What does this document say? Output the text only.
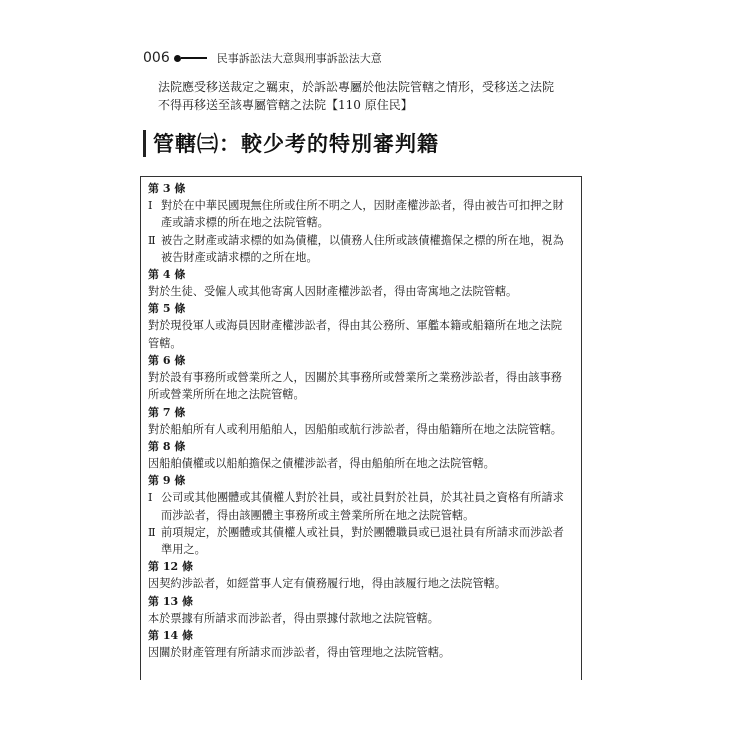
006	民事訴訟法大意與刑事訴訟法大意

法院應受移送裁定之羈束，於訴訟專屬於他法院管轄之情形，受移送之法院

不得再移送至該專屬管轄之法院【110 原住民】

管轄㈢：較少考的特別審判籍
第 3 條
Ⅰ 對於在中華民國現無住所或住所不明之人，因財產權涉訟者，得由被告可扣押之財產或請求標的所在地之法院管轄。
Ⅱ 被告之財產或請求標的如為債權，以債務人住所或該債權擔保之標的所在地，視為被告財產或請求標的之所在地。
第 4 條

對於生徒、受僱人或其他寄寓人因財產權涉訟者，得由寄寓地之法院管轄。

第 5 條

對於現役軍人或海員因財產權涉訟者，得由其公務所、軍艦本籍或船籍所在地之法院管轄。

第 6 條

對於設有事務所或營業所之人，因關於其事務所或營業所之業務涉訟者，得由該事務所或營業所所在地之法院管轄。

第 7 條

對於船舶所有人或利用船舶人，因船舶或航行涉訟者，得由船籍所在地之法院管轄。

第 8 條

因船舶債權或以船舶擔保之債權涉訟者，得由船舶所在地之法院管轄。

第 9 條
Ⅰ 公司或其他團體或其債權人對於社員，或社員對於社員，於其社員之資格有所請求而涉訟者，得由該團體主事務所或主營業所所在地之法院管轄。
Ⅱ 前項規定，於團體或其債權人或社員，對於團體職員或已退社員有所請求而涉訟者準用之。
第 12 條

因契約涉訟者，如經當事人定有債務履行地，得由該履行地之法院管轄。

第 13 條

本於票據有所請求而涉訟者，得由票據付款地之法院管轄。

第 14 條

因關於財產管理有所請求而涉訟者，得由管理地之法院管轄。
